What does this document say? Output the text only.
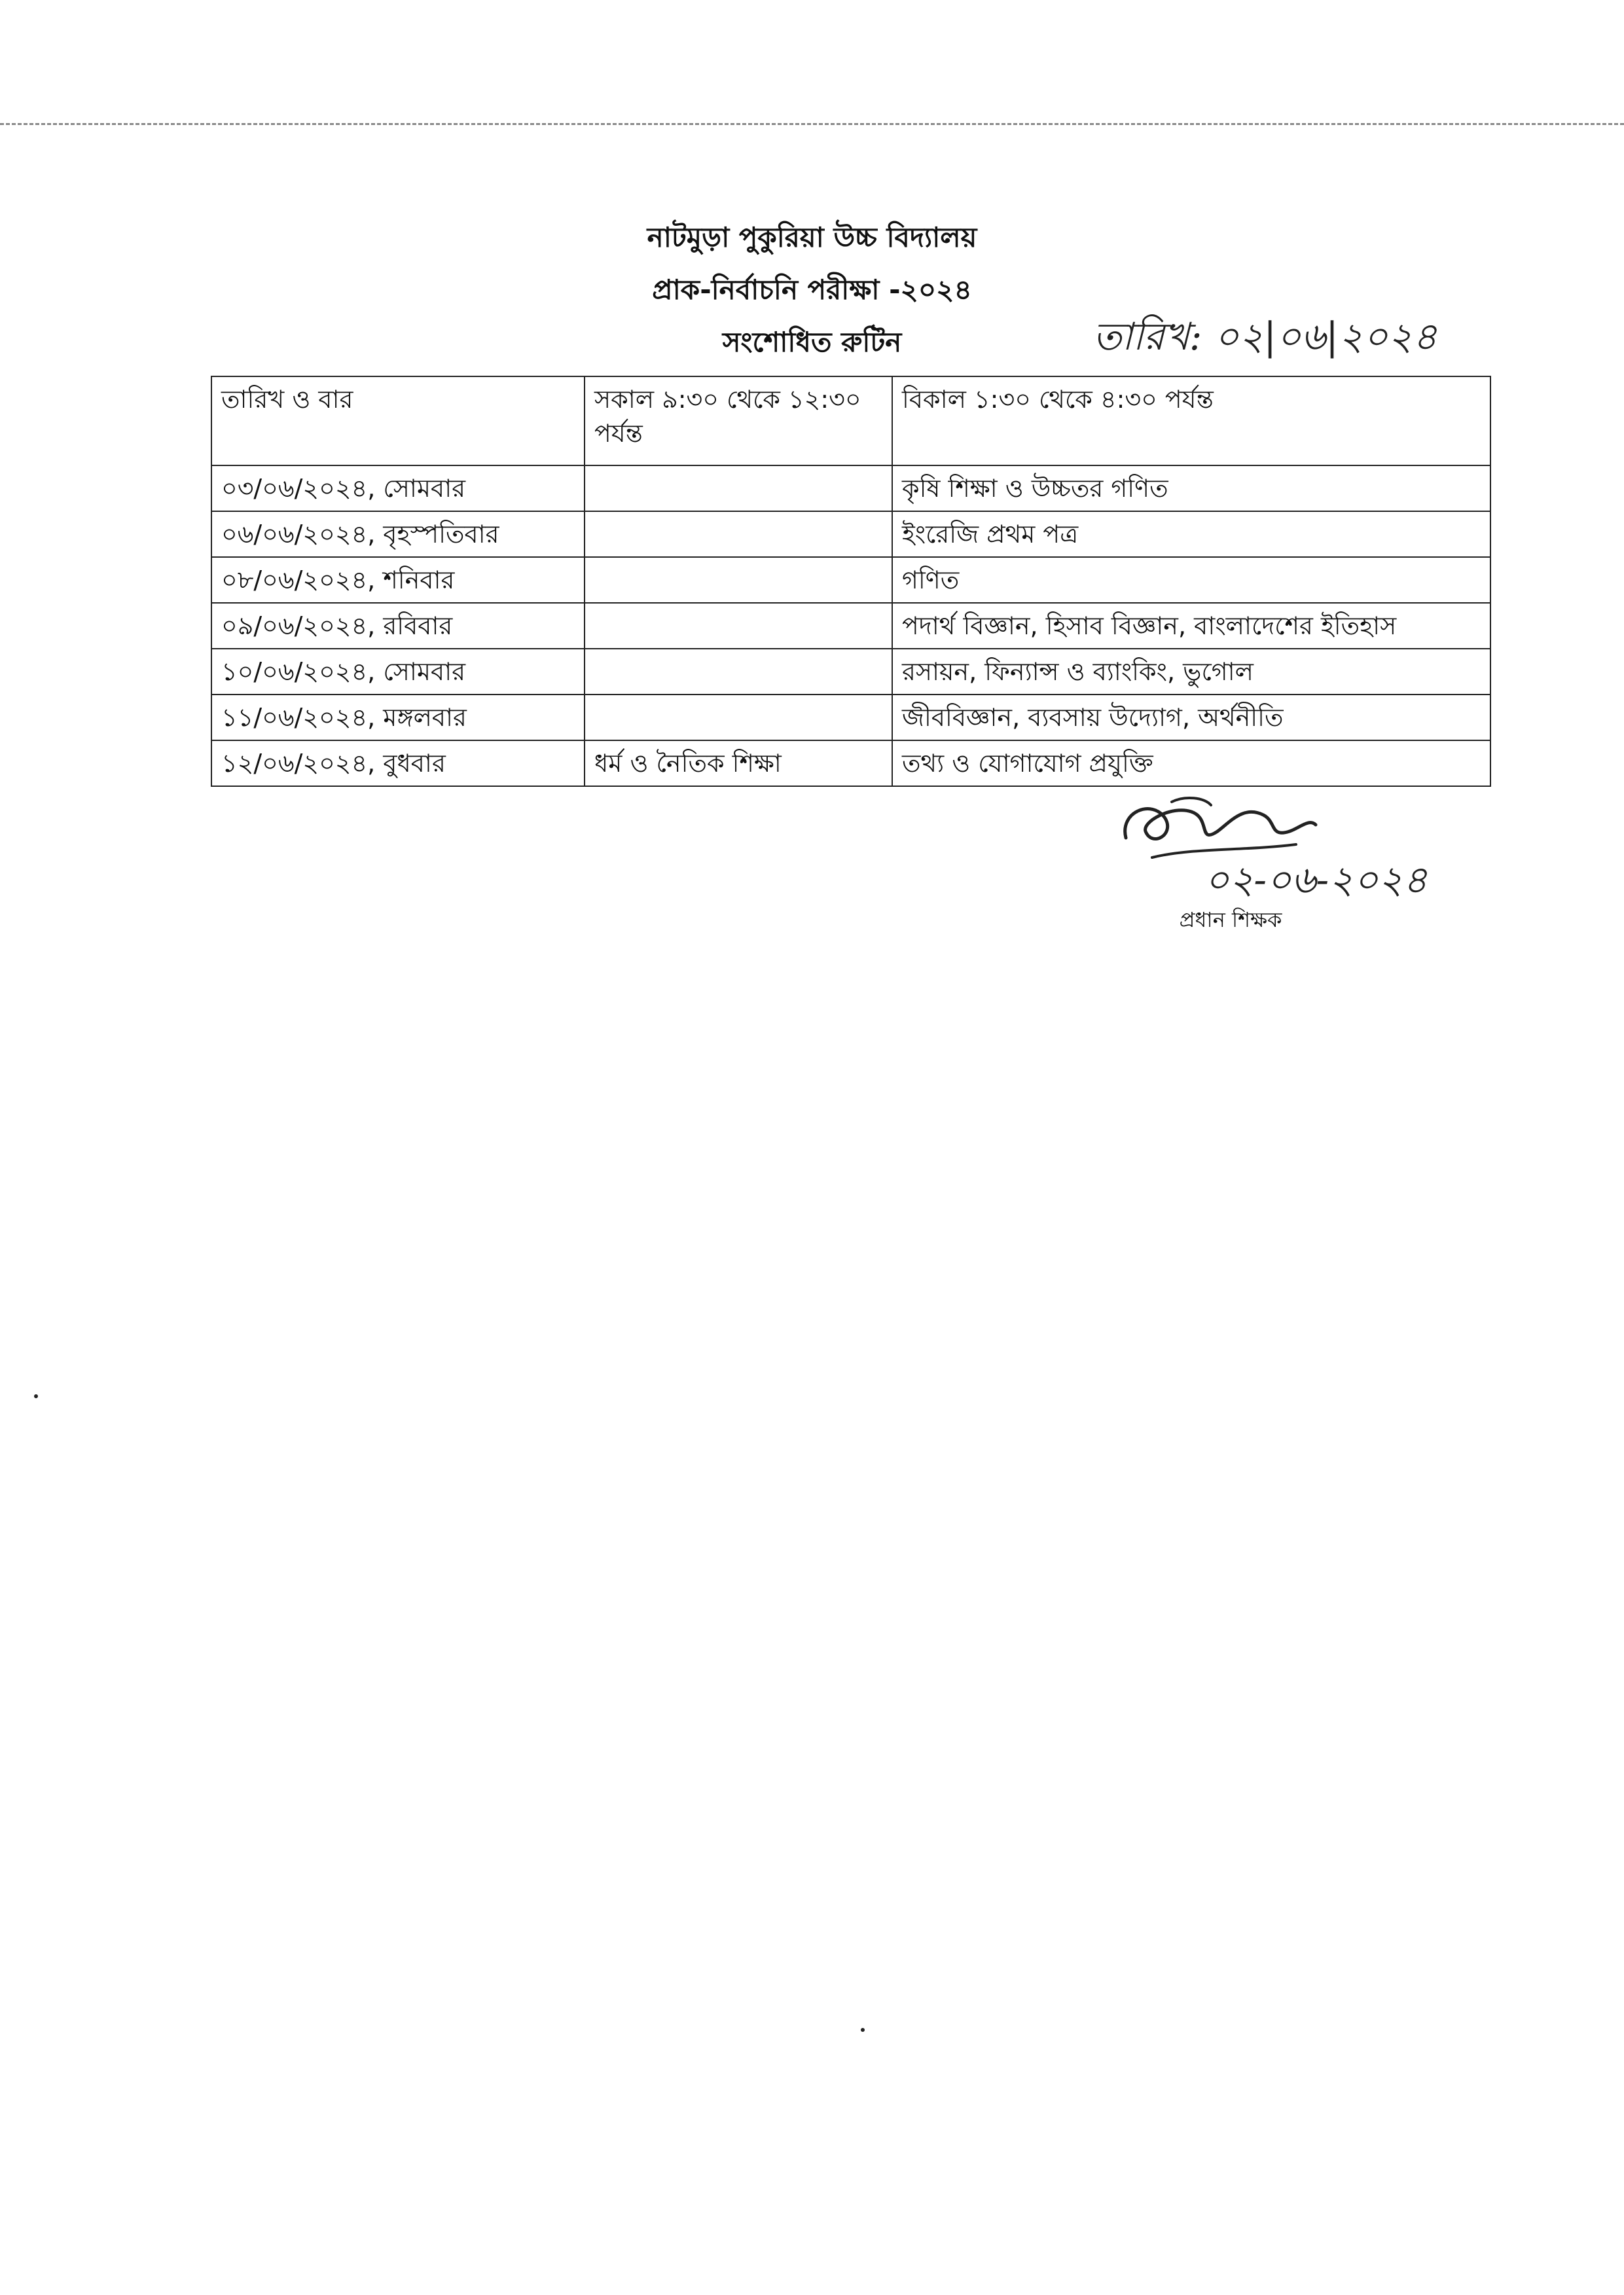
নাটমুড়া পুকুরিয়া উচ্চ বিদ্যালয়
প্রাক-নির্বাচনি পরীক্ষা -২০২৪
সংশোধিত রুটিন	তারিখ: ০২|০৬|২০২৪
তারিখ ও বার	সকাল ৯:৩০ থেকে ১২:৩০ পর্যন্ত	বিকাল ১:৩০ থেকে ৪:৩০ পর্যন্ত
০৩/০৬/২০২৪, সোমবার		কৃষি শিক্ষা ও উচ্চতর গণিত
০৬/০৬/২০২৪, বৃহস্পতিবার		ইংরেজি প্রথম পত্র
০৮/০৬/২০২৪, শনিবার		গণিত
০৯/০৬/২০২৪, রবিবার		পদার্থ বিজ্ঞান, হিসাব বিজ্ঞান, বাংলাদেশের ইতিহাস
১০/০৬/২০২৪, সোমবার		রসায়ন, ফিন্যান্স ও ব্যাংকিং, ভুগোল
১১/০৬/২০২৪, মঙ্গলবার		জীববিজ্ঞান, ব্যবসায় উদ্যোগ, অর্থনীতি
১২/০৬/২০২৪, বুধবার	ধর্ম ও নৈতিক শিক্ষা	তথ্য ও যোগাযোগ প্রযুক্তি
০২-০৬-২০২৪
প্রধান শিক্ষক
